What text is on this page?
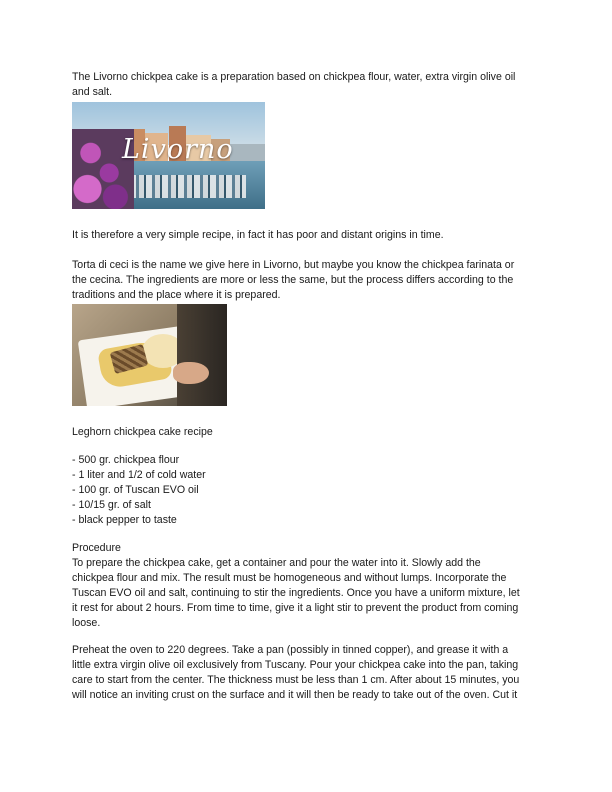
The Livorno chickpea cake is a preparation based on chickpea flour, water, extra virgin olive oil
and salt.

Livorno

It is therefore a very simple recipe, in fact it has poor and distant origins in time.

Torta di ceci is the name we give here in Livorno, but maybe you know the chickpea farinata or
the cecina. The ingredients are more or less the same, but the process differs according to the
traditions and the place where it is prepared.

Leghorn chickpea cake recipe

- 500 gr. chickpea flour
- 1 liter and 1/2 of cold water
- 100 gr. of Tuscan EVO oil
- 10/15 gr. of salt
- black pepper to taste

Procedure
To prepare the chickpea cake, get a container and pour the water into it. Slowly add the
chickpea flour and mix. The result must be homogeneous and without lumps. Incorporate the
Tuscan EVO oil and salt, continuing to stir the ingredients. Once you have a uniform mixture, let
it rest for about 2 hours. From time to time, give it a light stir to prevent the product from coming
loose.

Preheat the oven to 220 degrees. Take a pan (possibly in tinned copper), and grease it with a
little extra virgin olive oil exclusively from Tuscany. Pour your chickpea cake into the pan, taking
care to start from the center. The thickness must be less than 1 cm. After about 15 minutes, you
will notice an inviting crust on the surface and it will then be ready to take out of the oven. Cut it
